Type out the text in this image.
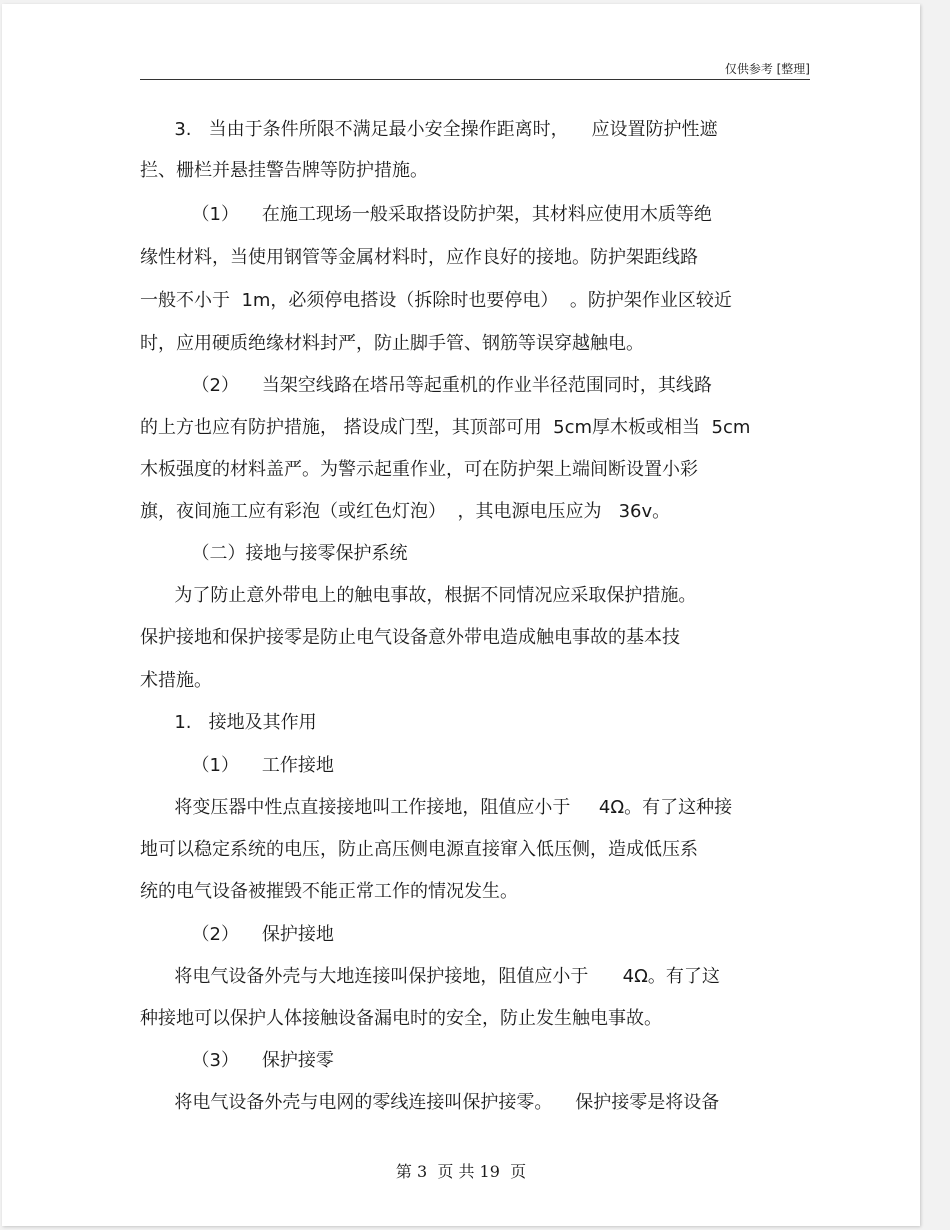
仅供参考 [整理]
3.   当由于条件所限不满足最小安全操作距离时，    应设置防护性遮
拦、栅栏并悬挂警告牌等防护措施。
（1）    在施工现场一般采取搭设防护架，其材料应使用木质等绝
缘性材料，当使用钢管等金属材料时，应作良好的接地。防护架距线路
一般不小于  1m，必须停电搭设（拆除时也要停电）  。防护架作业区较近
时，应用硬质绝缘材料封严，防止脚手管、钢筋等误穿越触电。
（2）    当架空线路在塔吊等起重机的作业半径范围同时，其线路
的上方也应有防护措施， 搭设成门型，其顶部可用  5cm厚木板或相当  5cm
木板强度的材料盖严。为警示起重作业，可在防护架上端间断设置小彩
旗，夜间施工应有彩泡（或红色灯泡）  ，其电源电压应为   36v。
（二）接地与接零保护系统
为了防止意外带电上的触电事故，根据不同情况应采取保护措施。
保护接地和保护接零是防止电气设备意外带电造成触电事故的基本技
术措施。
1.   接地及其作用
（1）    工作接地
将变压器中性点直接接地叫工作接地，阻值应小于     4Ω。有了这种接
地可以稳定系统的电压，防止高压侧电源直接窜入低压侧，造成低压系
统的电气设备被摧毁不能正常工作的情况发生。
（2）    保护接地
将电气设备外壳与大地连接叫保护接地，阻值应小于      4Ω。有了这
种接地可以保护人体接触设备漏电时的安全，防止发生触电事故。
（3）    保护接零
将电气设备外壳与电网的零线连接叫保护接零。    保护接零是将设备
第 3  页 共 19  页
